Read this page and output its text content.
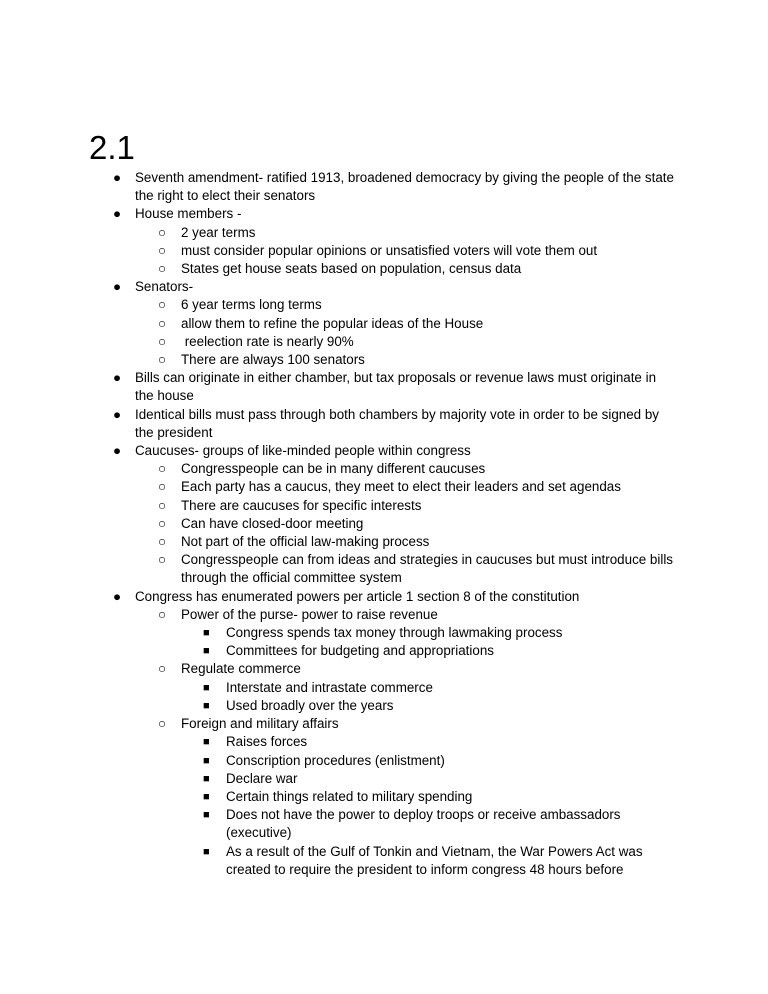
2.1
● Seventh amendment- ratified 1913, broadened democracy by giving the people of the state the right to elect their senators
● House members -
○ 2 year terms
○ must consider popular opinions or unsatisfied voters will vote them out
○ States get house seats based on population, census data
● Senators-
○ 6 year terms long terms
○ allow them to refine the popular ideas of the House
○ reelection rate is nearly 90%
○ There are always 100 senators
● Bills can originate in either chamber, but tax proposals or revenue laws must originate in the house
● Identical bills must pass through both chambers by majority vote in order to be signed by the president
● Caucuses- groups of like-minded people within congress
○ Congresspeople can be in many different caucuses
○ Each party has a caucus, they meet to elect their leaders and set agendas
○ There are caucuses for specific interests
○ Can have closed-door meeting
○ Not part of the official law-making process
○ Congresspeople can from ideas and strategies in caucuses but must introduce bills through the official committee system
● Congress has enumerated powers per article 1 section 8 of the constitution
○ Power of the purse- power to raise revenue
■ Congress spends tax money through lawmaking process
■ Committees for budgeting and appropriations
○ Regulate commerce
■ Interstate and intrastate commerce
■ Used broadly over the years
○ Foreign and military affairs
■ Raises forces
■ Conscription procedures (enlistment)
■ Declare war
■ Certain things related to military spending
■ Does not have the power to deploy troops or receive ambassadors (executive)
■ As a result of the Gulf of Tonkin and Vietnam, the War Powers Act was created to require the president to inform congress 48 hours before
